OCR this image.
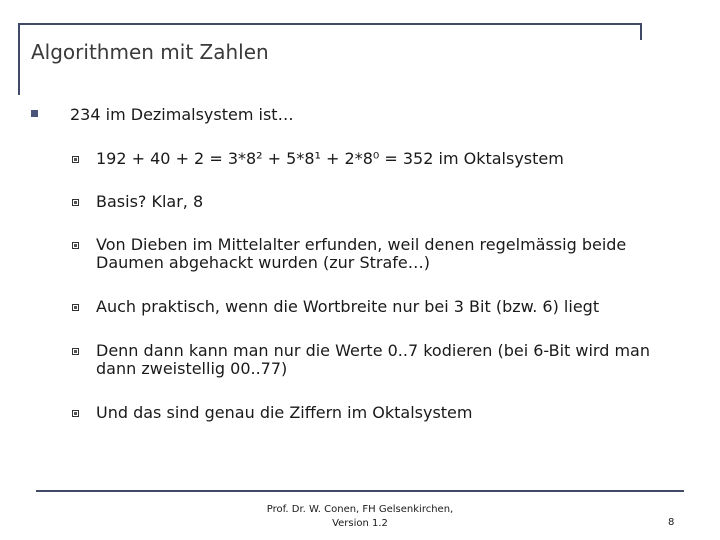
Algorithmen mit Zahlen
234 im Dezimalsystem ist…
192 + 40 + 2 = 3*8² + 5*8¹ + 2*8⁰ = 352 im Oktalsystem
Basis? Klar, 8
Von Dieben im Mittelalter erfunden, weil denen regelmässig beide
Daumen abgehackt wurden (zur Strafe…)
Auch praktisch, wenn die Wortbreite nur bei 3 Bit (bzw. 6) liegt
Denn dann kann man nur die Werte 0..7 kodieren (bei 6-Bit wird man
dann zweistellig 00..77)
Und das sind genau die Ziffern im Oktalsystem
Prof. Dr. W. Conen, FH Gelsenkirchen,
Version 1.2	8
